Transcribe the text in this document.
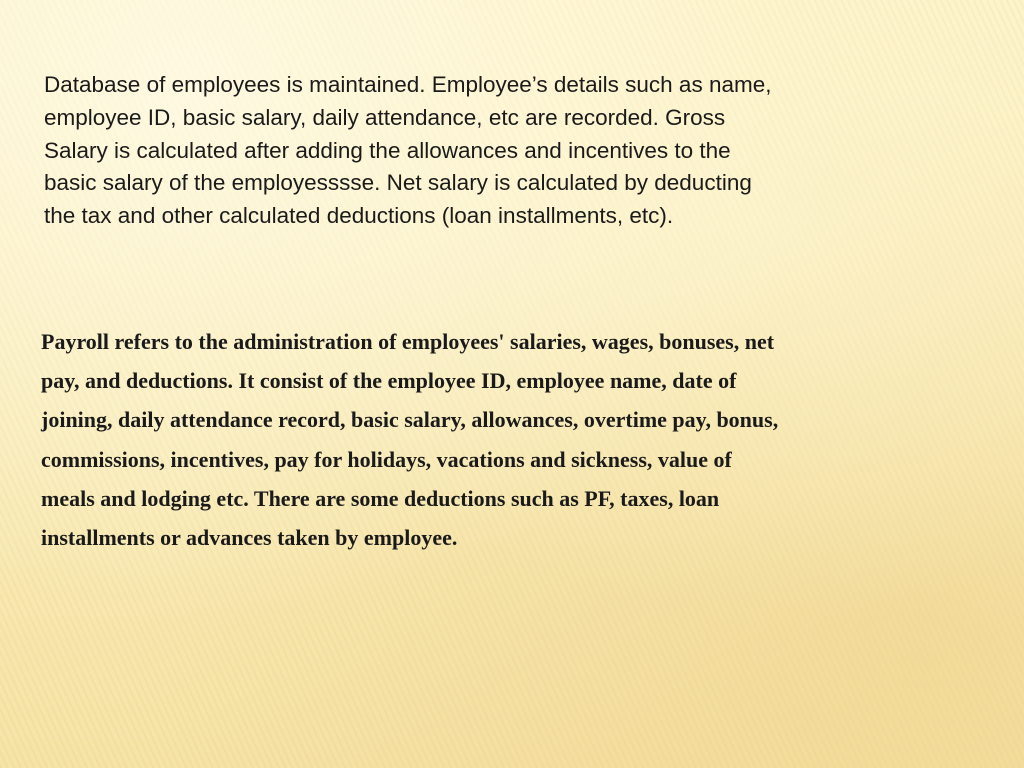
Database of employees is maintained. Employee’s details such as name,
employee ID, basic salary, daily attendance, etc are recorded. Gross
Salary is calculated after adding the allowances and incentives to the
basic salary of the employesssse. Net salary is calculated by deducting
the tax and other calculated deductions (loan installments, etc).

Payroll refers to the administration of employees' salaries, wages, bonuses, net
pay, and deductions. It consist of the employee ID, employee name, date of
joining, daily attendance record, basic salary, allowances, overtime pay, bonus,
commissions, incentives, pay for holidays, vacations and sickness, value of
meals and lodging etc. There are some deductions such as PF, taxes, loan
installments or advances taken by employee.
